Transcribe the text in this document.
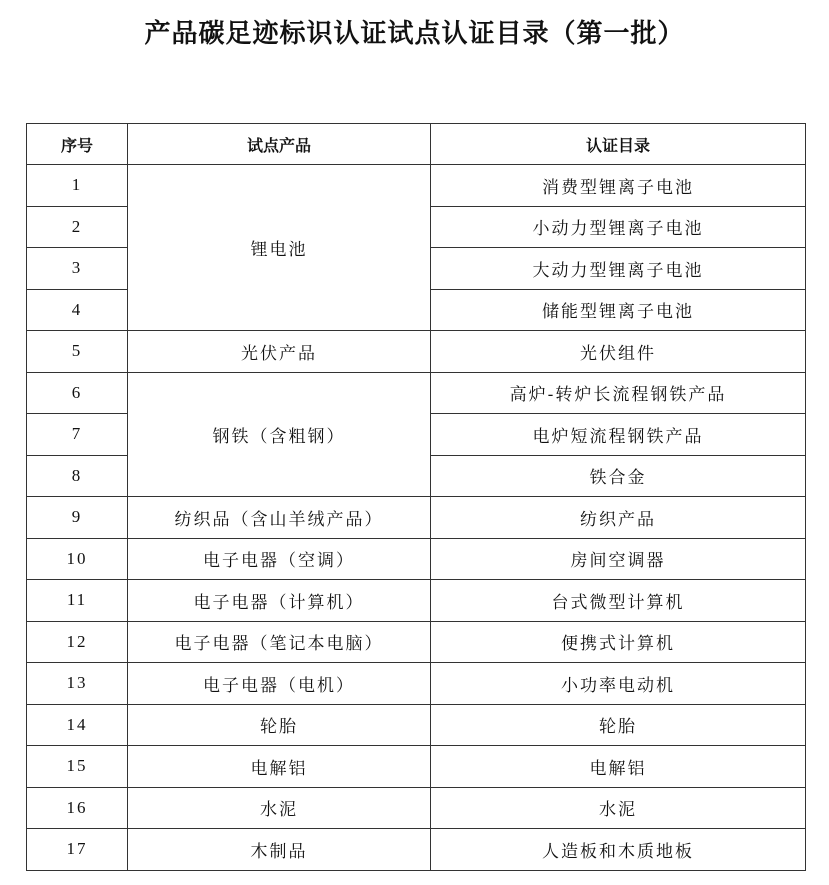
产品碳足迹标识认证试点认证目录（第一批）
序号	试点产品	认证目录
1	锂电池	消费型锂离子电池
2		小动力型锂离子电池
3		大动力型锂离子电池
4		储能型锂离子电池
5	光伏产品	光伏组件
6	钢铁（含粗钢）	高炉-转炉长流程钢铁产品
7		电炉短流程钢铁产品
8		铁合金
9	纺织品（含山羊绒产品）	纺织产品
10	电子电器（空调）	房间空调器
11	电子电器（计算机）	台式微型计算机
12	电子电器（笔记本电脑）	便携式计算机
13	电子电器（电机）	小功率电动机
14	轮胎	轮胎
15	电解铝	电解铝
16	水泥	水泥
17	木制品	人造板和木质地板
